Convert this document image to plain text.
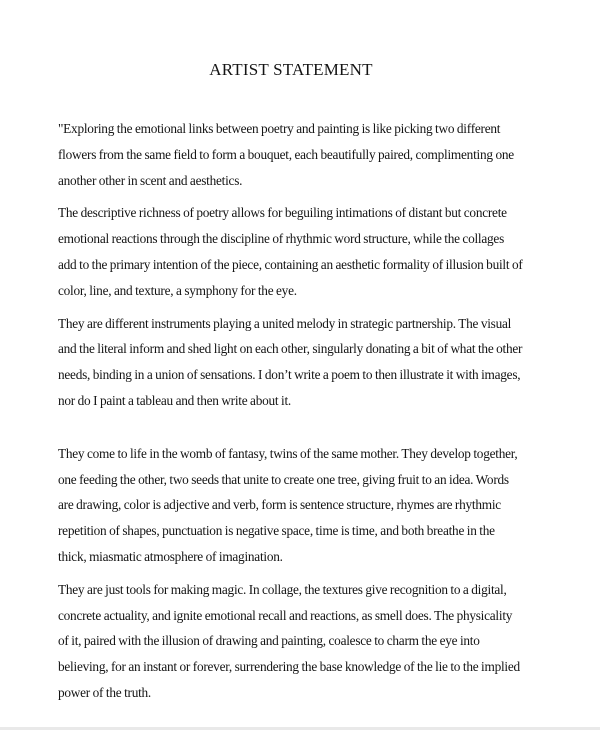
ARTIST STATEMENT

"Exploring the emotional links between poetry and painting is like picking two different flowers from the same field to form a bouquet, each beautifully paired, complimenting one another other in scent and aesthetics.

The descriptive richness of poetry allows for beguiling intimations of distant but concrete emotional reactions through the discipline of rhythmic word structure, while the collages add to the primary intention of the piece, containing an aesthetic formality of illusion built of color, line, and texture, a symphony for the eye.

They are different instruments playing a united melody in strategic partnership. The visual and the literal inform and shed light on each other, singularly donating a bit of what the other needs, binding in a union of sensations. I don’t write a poem to then illustrate it with images, nor do I paint a tableau and then write about it.

They come to life in the womb of fantasy, twins of the same mother. They develop together, one feeding the other, two seeds that unite to create one tree, giving fruit to an idea. Words are drawing, color is adjective and verb, form is sentence structure, rhymes are rhythmic repetition of shapes, punctuation is negative space, time is time, and both breathe in the thick, miasmatic atmosphere of imagination.

They are just tools for making magic. In collage, the textures give recognition to a digital, concrete actuality, and ignite emotional recall and reactions, as smell does. The physicality of it, paired with the illusion of drawing and painting, coalesce to charm the eye into believing, for an instant or forever, surrendering the base knowledge of the lie to the implied power of the truth.
